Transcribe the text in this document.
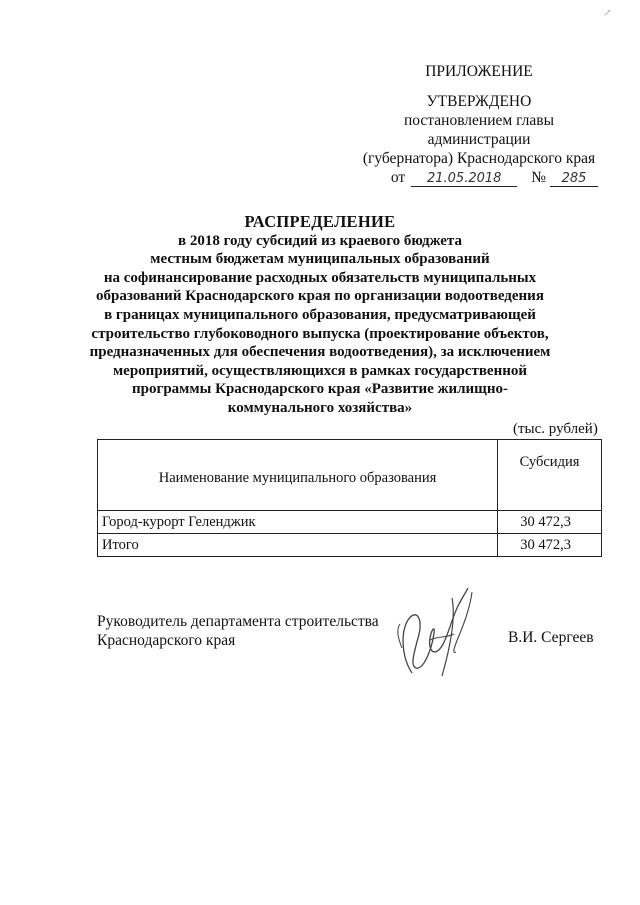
↗
ПРИЛОЖЕНИЕ
УТВЕРЖДЕНО
постановлением главы администрации
(губернатора) Краснодарского края
от	21.05.2018	№	285
РАСПРЕДЕЛЕНИЕ
в 2018 году субсидий из краевого бюджета
местным бюджетам муниципальных образований
на софинансирование расходных обязательств муниципальных
образований Краснодарского края по организации водоотведения
в границах муниципального образования, предусматривающей
строительство глубоководного выпуска (проектирование объектов,
предназначенных для обеспечения водоотведения), за исключением
мероприятий, осуществляющихся в рамках государственной
программы Краснодарского края «Развитие жилищно-
коммунального хозяйства»
(тыс. рублей)
Наименование муниципального образования	Субсидия
Город-курорт Геленджик	30 472,3
Итого	30 472,3
Руководитель департамента строительства
Краснодарского края	В.И. Сергеев
